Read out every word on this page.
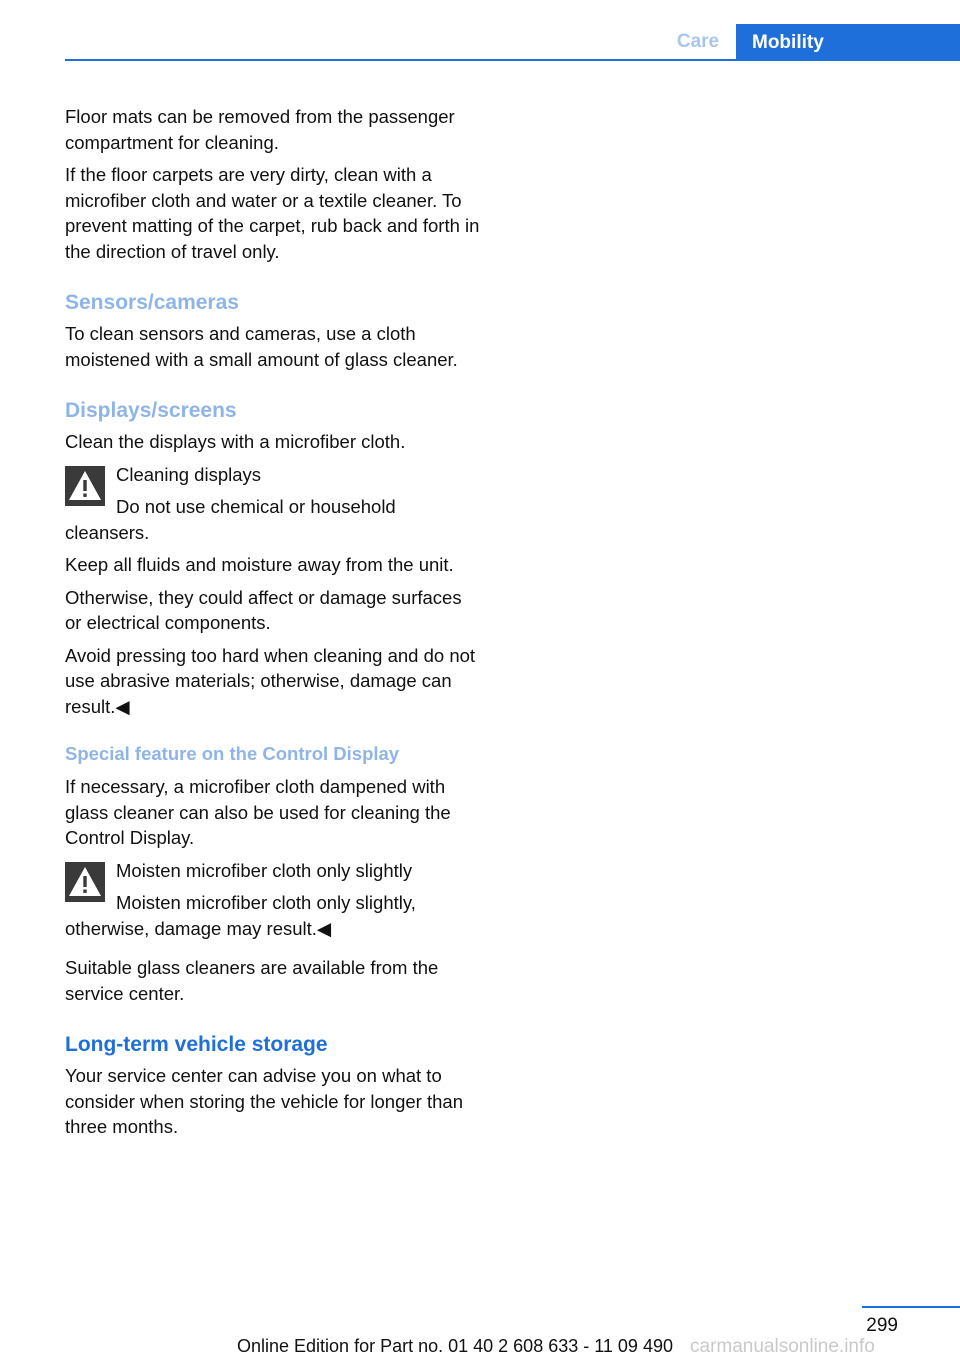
Care	Mobility

Floor mats can be removed from the passenger compartment for cleaning.

If the floor carpets are very dirty, clean with a microfiber cloth and water or a textile cleaner. To prevent matting of the carpet, rub back and forth in the direction of travel only.

Sensors/cameras

To clean sensors and cameras, use a cloth moistened with a small amount of glass cleaner.

Displays/screens

Clean the displays with a microfiber cloth.

Cleaning displays

Do not use chemical or household cleansers.

Keep all fluids and moisture away from the unit.

Otherwise, they could affect or damage surfaces or electrical components.

Avoid pressing too hard when cleaning and do not use abrasive materials; otherwise, damage can result.◀

Special feature on the Control Display

If necessary, a microfiber cloth dampened with glass cleaner can also be used for cleaning the Control Display.

Moisten microfiber cloth only slightly

Moisten microfiber cloth only slightly, otherwise, damage may result.◀

Suitable glass cleaners are available from the service center.

Long-term vehicle storage

Your service center can advise you on what to consider when storing the vehicle for longer than three months.

299
Online Edition for Part no. 01 40 2 608 633 - 11 09 490 carmanualsonline.info
